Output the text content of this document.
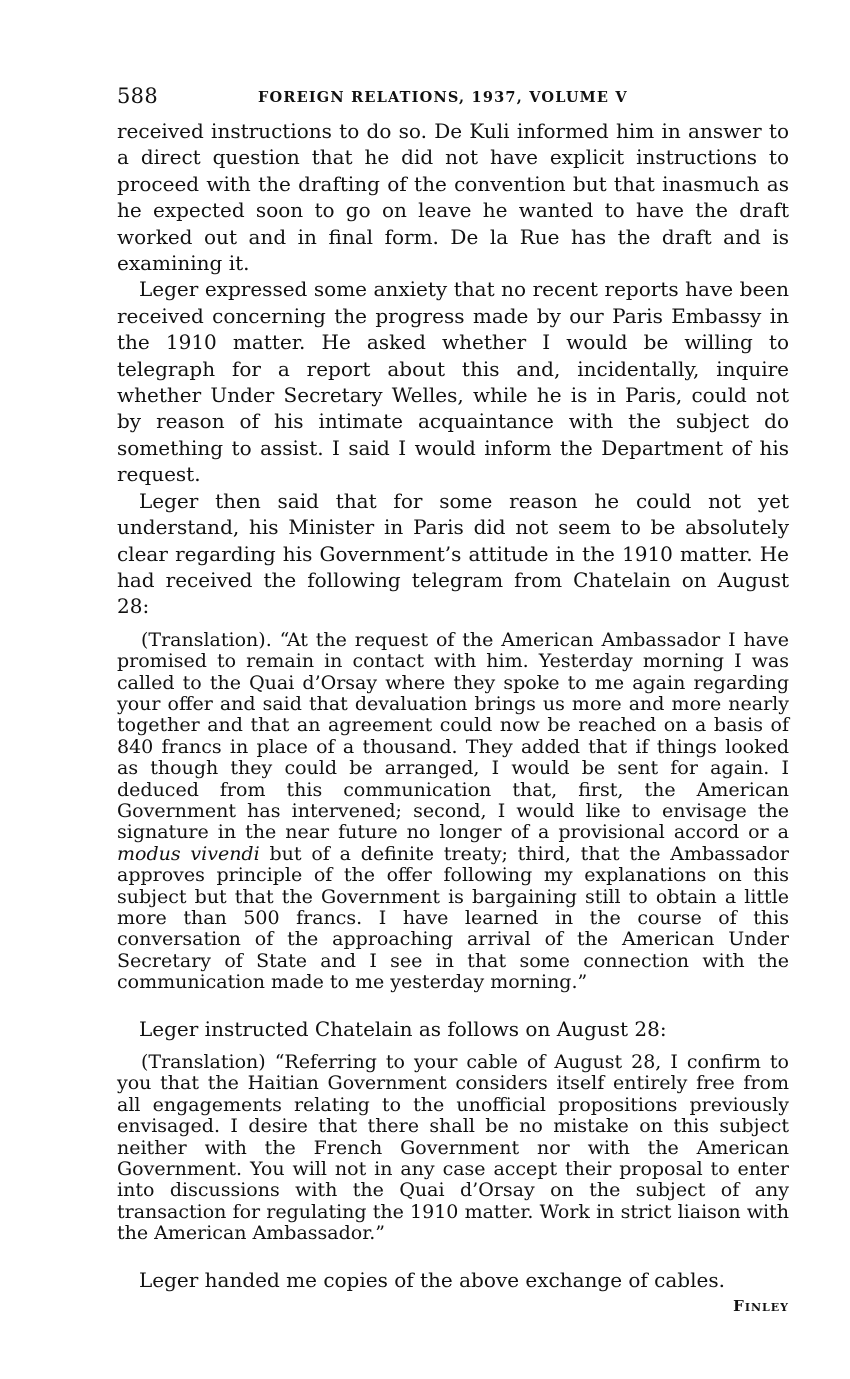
588	FOREIGN RELATIONS, 1937, VOLUME V

received instructions to do so. De Kuli informed him in answer to a direct question that he did not have explicit instructions to proceed with the drafting of the convention but that inasmuch as he expected soon to go on leave he wanted to have the draft worked out and in final form. De la Rue has the draft and is examining it.

Leger expressed some anxiety that no recent reports have been received concerning the progress made by our Paris Embassy in the 1910 matter. He asked whether I would be willing to telegraph for a report about this and, incidentally, inquire whether Under Secretary Welles, while he is in Paris, could not by reason of his intimate acquaintance with the subject do something to assist. I said I would inform the Department of his request.

Leger then said that for some reason he could not yet understand, his Minister in Paris did not seem to be absolutely clear regarding his Government’s attitude in the 1910 matter. He had received the following telegram from Chatelain on August 28:

(Translation). “At the request of the American Ambassador I have promised to remain in contact with him. Yesterday morning I was called to the Quai d’Orsay where they spoke to me again regarding your offer and said that devaluation brings us more and more nearly together and that an agreement could now be reached on a basis of 840 francs in place of a thousand. They added that if things looked as though they could be arranged, I would be sent for again. I deduced from this communication that, first, the American Government has intervened; second, I would like to envisage the signature in the near future no longer of a provisional accord or a modus vivendi but of a definite treaty; third, that the Ambassador approves principle of the offer following my explanations on this subject but that the Government is bargaining still to obtain a little more than 500 francs. I have learned in the course of this conversation of the approaching arrival of the American Under Secretary of State and I see in that some connection with the communication made to me yesterday morning.”

Leger instructed Chatelain as follows on August 28:

(Translation) “Referring to your cable of August 28, I confirm to you that the Haitian Government considers itself entirely free from all engagements relating to the unofficial propositions previously envisaged. I desire that there shall be no mistake on this subject neither with the French Government nor with the American Government. You will not in any case accept their proposal to enter into discussions with the Quai d’Orsay on the subject of any transaction for regulating the 1910 matter. Work in strict liaison with the American Ambassador.”

Leger handed me copies of the above exchange of cables.

Finley
